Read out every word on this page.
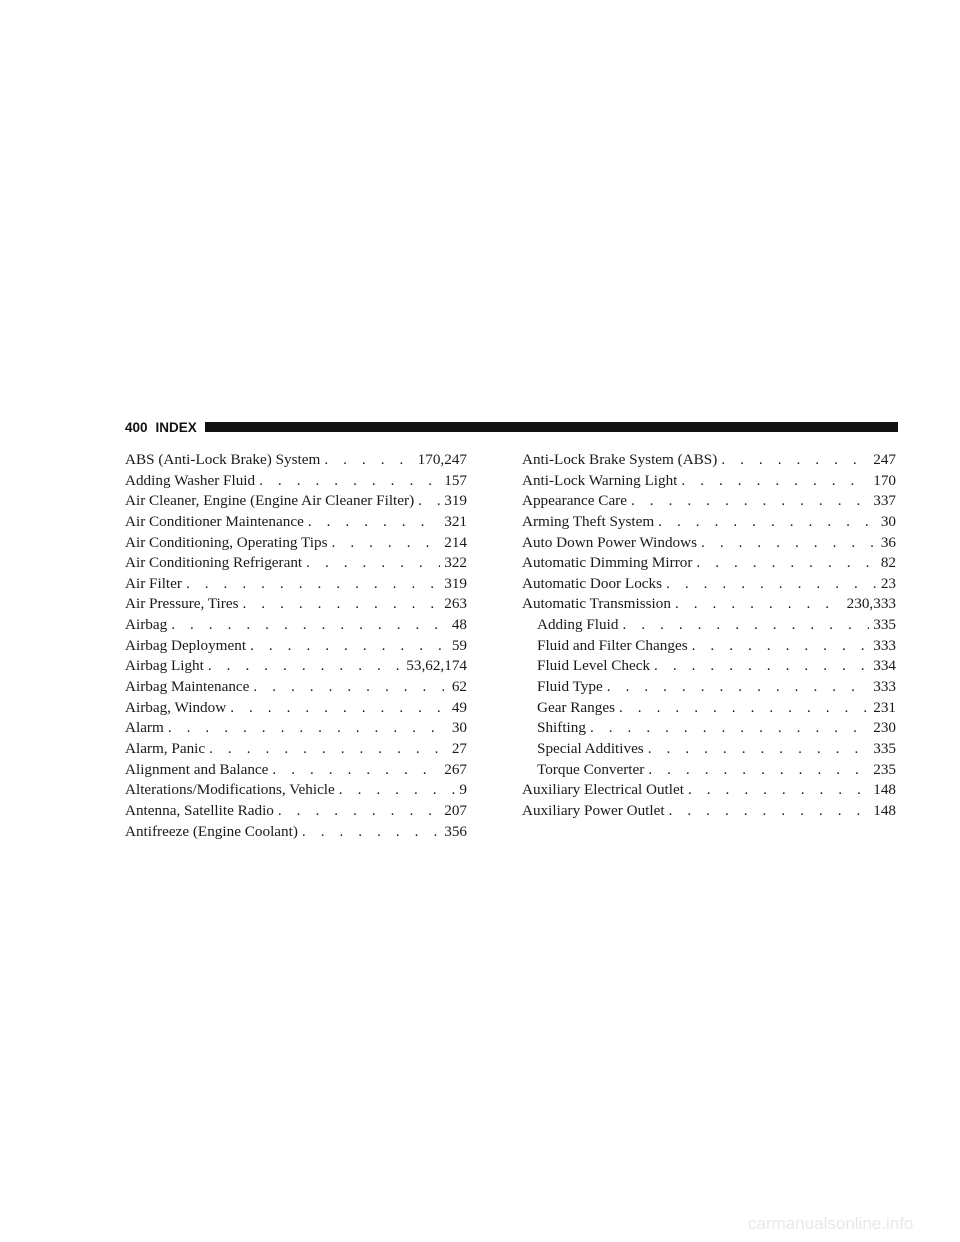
400 INDEX
ABS (Anti-Lock Brake) System . . .	170,247
Adding Washer Fluid . . .	157
Air Cleaner, Engine (Engine Air Cleaner Filter) . . . 319
Air Conditioner Maintenance . . .	321
Air Conditioning, Operating Tips . . .	214
Air Conditioning Refrigerant . . .	322
Air Filter . . .	319
Air Pressure, Tires . . .	263
Airbag . . .	48
Airbag Deployment . . .	59
Airbag Light . . .	53,62,174
Airbag Maintenance . . .	62
Airbag, Window . . .	49
Alarm . . .	30
Alarm, Panic . . .	27
Alignment and Balance . . .	267
Alterations/Modifications, Vehicle . . .	9
Antenna, Satellite Radio . . .	207
Antifreeze (Engine Coolant) . . .	356
Anti-Lock Brake System (ABS) . . .	247
Anti-Lock Warning Light . . .	170
Appearance Care . . .	337
Arming Theft System . . .	30
Auto Down Power Windows . . .	36
Automatic Dimming Mirror . . .	82
Automatic Door Locks . . .	23
Automatic Transmission . . .	230,333
Adding Fluid . . .	335
Fluid and Filter Changes . . .	333
Fluid Level Check . . .	334
Fluid Type . . .	333
Gear Ranges . . .	231
Shifting . . .	230
Special Additives . . .	335
Torque Converter . . .	235
Auxiliary Electrical Outlet . . .	148
Auxiliary Power Outlet . . .	148
carmanualsonline.info
